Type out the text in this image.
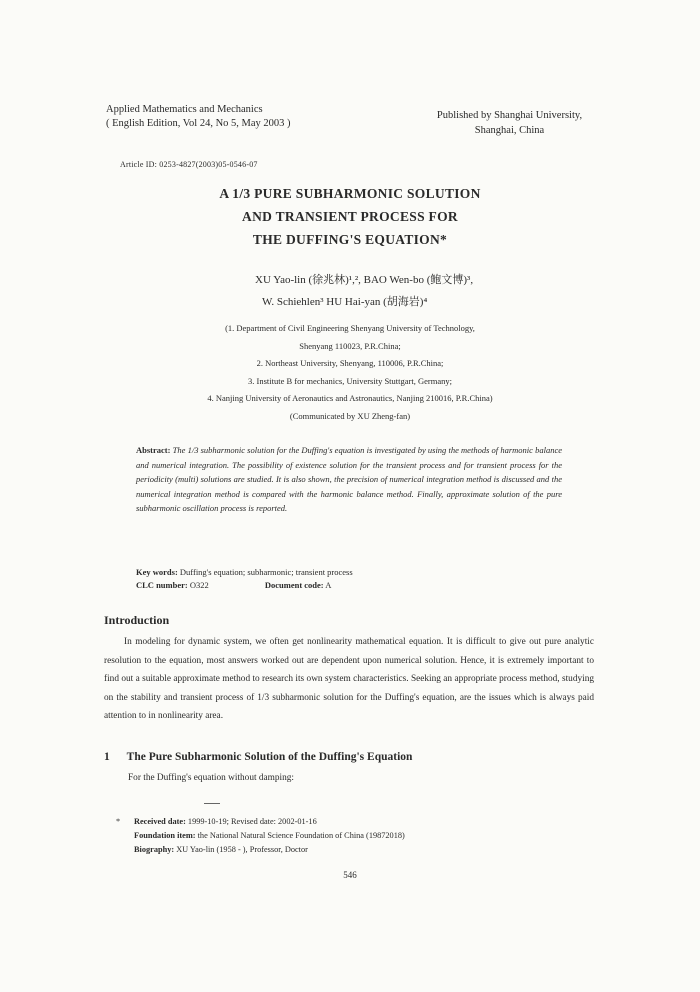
Applied Mathematics and Mechanics
( English Edition, Vol 24, No 5, May 2003 )
Published by Shanghai University,
Shanghai, China
Article ID: 0253-4827(2003)05-0546-07
A 1/3 PURE SUBHARMONIC SOLUTION
AND TRANSIENT PROCESS FOR
THE DUFFING'S EQUATION*
XU Yao-lin (徐兆林)¹,², BAO Wen-bo (鲍文博)³,
W. Schiehlen³ HU Hai-yan (胡海岩)⁴
(1. Department of Civil Engineering Shenyang University of Technology,
Shenyang 110023, P.R.China;
2. Northeast University, Shenyang, 110006, P.R.China;
3. Institute B for mechanics, University Stuttgart, Germany;
4. Nanjing University of Aeronautics and Astronautics, Nanjing 210016, P.R.China)
(Communicated by XU Zheng-fan)
Abstract: The 1/3 subharmonic solution for the Duffing's equation is investigated by using the methods of harmonic balance and numerical integration. The possibility of existence solution for the transient process and for transient process for the periodicity (multi) solutions are studied. It is also shown, the precision of numerical integration method is discussed and the numerical integration method is compared with the harmonic balance method. Finally, approximate solution of the pure subharmonic oscillation process is reported.
Key words: Duffing's equation; subharmonic; transient process
CLC number: O322	Document code: A
Introduction
In modeling for dynamic system, we often get nonlinearity mathematical equation. It is difficult to give out pure analytic resolution to the equation, most answers worked out are dependent upon numerical solution. Hence, it is extremely important to find out a suitable approximate method to research its own system characteristics. Seeking an appropriate process method, studying on the stability and transient process of 1/3 subharmonic solution for the Duffing's equation, are the issues which is always paid attention to in nonlinearity area.
1 The Pure Subharmonic Solution of the Duffing's Equation
For the Duffing's equation without damping:
*	Received date: 1999-10-19; Revised date: 2002-01-16
Foundation item: the National Natural Science Foundation of China (19872018)
Biography: XU Yao-lin (1958 - ), Professor, Doctor
546
